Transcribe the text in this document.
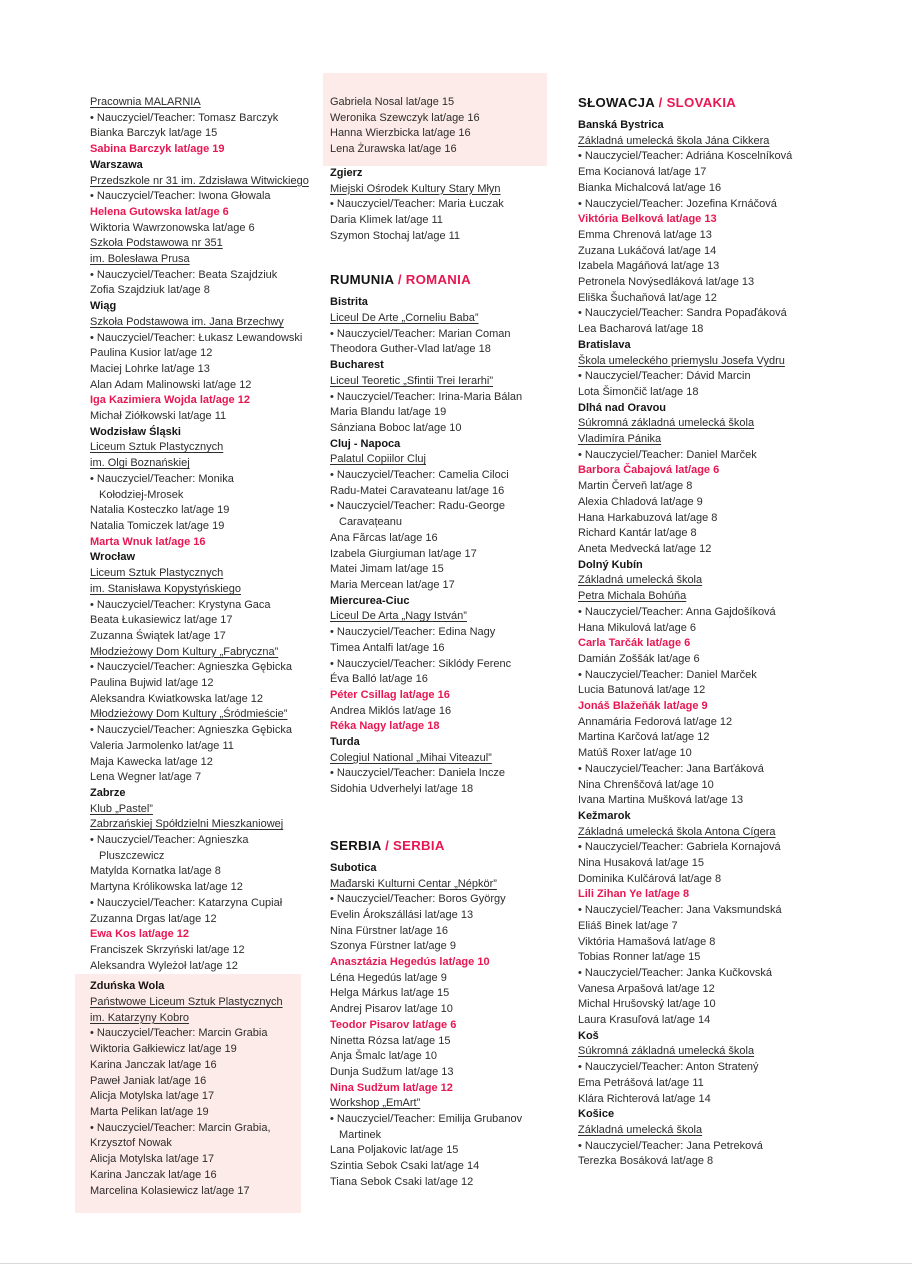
Pracownia MALARNIA
• Nauczyciel/Teacher: Tomasz Barczyk
Bianka Barczyk lat/age 15
Sabina Barczyk lat/age 19
Warszawa
Przedszkole nr 31 im. Zdzisława Witwickiego
• Nauczyciel/Teacher: Iwona Głowala
Helena Gutowska lat/age 6
Wiktoria Wawrzonowska lat/age 6
Szkoła Podstawowa nr 351
im. Bolesława Prusa
• Nauczyciel/Teacher: Beata Szajdziuk
Zofia Szajdziuk lat/age 8
Wiąg
Szkoła Podstawowa im. Jana Brzechwy
• Nauczyciel/Teacher: Łukasz Lewandowski
Paulina Kusior lat/age 12
Maciej Lohrke lat/age 13
Alan Adam Malinowski lat/age 12
Iga Kazimiera Wojda lat/age 12
Michał Ziółkowski lat/age 11
Wodzisław Śląski
Liceum Sztuk Plastycznych
im. Olgi Boznańskiej
• Nauczyciel/Teacher: Monika
Kołodziej-Mrosek
Natalia Kosteczko lat/age 19
Natalia Tomiczek lat/age 19
Marta Wnuk lat/age 16
Wrocław
Liceum Sztuk Plastycznych
im. Stanisława Kopystyńskiego
• Nauczyciel/Teacher: Krystyna Gaca
Beata Łukasiewicz lat/age 17
Zuzanna Świątek lat/age 17
Młodzieżowy Dom Kultury „Fabryczna”
• Nauczyciel/Teacher: Agnieszka Gębicka
Paulina Bujwid lat/age 12
Aleksandra Kwiatkowska lat/age 12
Młodzieżowy Dom Kultury „Śródmieście”
• Nauczyciel/Teacher: Agnieszka Gębicka
Valeria Jarmolenko lat/age 11
Maja Kawecka lat/age 12
Lena Wegner lat/age 7
Zabrze
Klub „Pastel”
Zabrzańskiej Spółdzielni Mieszkaniowej
• Nauczyciel/Teacher: Agnieszka
Pluszczewicz
Matylda Kornatka lat/age 8
Martyna Królikowska lat/age 12
• Nauczyciel/Teacher: Katarzyna Cupiał
Zuzanna Drgas lat/age 12
Ewa Kos lat/age 12
Franciszek Skrzyński lat/age 12
Aleksandra Wyleżoł lat/age 12
Zduńska Wola
Państwowe Liceum Sztuk Plastycznych
im. Katarzyny Kobro
• Nauczyciel/Teacher: Marcin Grabia
Wiktoria Gałkiewicz lat/age 19
Karina Janczak lat/age 16
Paweł Janiak lat/age 16
Alicja Motylska lat/age 17
Marta Pelikan lat/age 19
• Nauczyciel/Teacher: Marcin Grabia,
Krzysztof Nowak
Alicja Motylska lat/age 17
Karina Janczak lat/age 16
Marcelina Kolasiewicz lat/age 17
Gabriela Nosal lat/age 15
Weronika Szewczyk lat/age 16
Hanna Wierzbicka lat/age 16
Lena Żurawska lat/age 16
Zgierz
Miejski Ośrodek Kultury Stary Młyn
• Nauczyciel/Teacher: Maria Łuczak
Daria Klimek lat/age 11
Szymon Stochaj lat/age 11
RUMUNIA / ROMANIA
Bistrita
Liceul De Arte „Corneliu Baba”
• Nauczyciel/Teacher: Marian Coman
Theodora Guther-Vlad lat/age 18
Bucharest
Liceul Teoretic „Sfintii Trei Ierarhi”
• Nauczyciel/Teacher: Irina-Maria Bálan
Maria Blandu lat/age 19
Sánziana Boboc lat/age 10
Cluj - Napoca
Palatul Copiilor Cluj
• Nauczyciel/Teacher: Camelia Ciloci
Radu-Matei Caravateanu lat/age 16
• Nauczyciel/Teacher: Radu-George
Caravațeanu
Ana Fărcas lat/age 16
Izabela Giurgiuman lat/age 17
Matei Jimam lat/age 15
Maria Mercean lat/age 17
Miercurea-Ciuc
Liceul De Arta „Nagy István”
• Nauczyciel/Teacher: Edina Nagy
Timea Antalfi lat/age 16
• Nauczyciel/Teacher: Siklódy Ferenc
Éva Balló lat/age 16
Péter Csillag lat/age 16
Andrea Miklós lat/age 16
Réka Nagy lat/age 18
Turda
Colegiul National „Mihai Viteazul”
• Nauczyciel/Teacher: Daniela Incze
Sidohia Udverhelyi lat/age 18
SERBIA / SERBIA
Subotica
Mađarski Kulturni Centar „Népkör”
• Nauczyciel/Teacher: Boros György
Evelin Árokszállási lat/age 13
Nina Fürstner lat/age 16
Szonya Fürstner lat/age 9
Anasztázia Hegedús lat/age 10
Léna Hegedús lat/age 9
Helga Márkus lat/age 15
Andrej Pisarov lat/age 10
Teodor Pisarov lat/age 6
Ninetta Rózsa lat/age 15
Anja Šmalc lat/age 10
Dunja Sudžum lat/age 13
Nina Sudžum lat/age 12
Workshop „EmArt”
• Nauczyciel/Teacher: Emilija Grubanov
Martinek
Lana Poljakovic lat/age 15
Szintia Sebok Csaki lat/age 14
Tiana Sebok Csaki lat/age 12
SŁOWACJA / SLOVAKIA
Banská Bystrica
Základná umelecká škola Jána Cikkera
• Nauczyciel/Teacher: Adriána Koscelníková
Ema Kocianová lat/age 17
Bianka Michalcová lat/age 16
• Nauczyciel/Teacher: Jozefina Krnáčová
Viktória Belková lat/age 13
Emma Chrenová lat/age 13
Zuzana Lukáčová lat/age 14
Izabela Magáňová lat/age 13
Petronela Novýsedláková lat/age 13
Eliška Šuchaňová lat/age 12
• Nauczyciel/Teacher: Sandra Popaďáková
Lea Bacharová lat/age 18
Bratislava
Škola umeleckého priemyslu Josefa Vydru
• Nauczyciel/Teacher: Dávid Marcin
Lota Šimončič lat/age 18
Dlhá nad Oravou
Súkromná základná umelecká škola
Vladimíra Pánika
• Nauczyciel/Teacher: Daniel Marček
Barbora Čabajová lat/age 6
Martin Červeň lat/age 8
Alexia Chladová lat/age 9
Hana Harkabuzová lat/age 8
Richard Kantár lat/age 8
Aneta Medvecká lat/age 12
Dolný Kubín
Základná umelecká škola
Petra Michala Bohúňa
• Nauczyciel/Teacher: Anna Gajdošíková
Hana Mikulová lat/age 6
Carla Tarčák lat/age 6
Damián Zoššák lat/age 6
• Nauczyciel/Teacher: Daniel Marček
Lucia Batunová lat/age 12
Jonáš Blažeňák lat/age 9
Annamária Fedorová lat/age 12
Martina Karčová lat/age 12
Matúš Roxer lat/age 10
• Nauczyciel/Teacher: Jana Barťáková
Nina Chrenščová lat/age 10
Ivana Martina Mušková lat/age 13
Kežmarok
Základná umelecká škola Antona Cígera
• Nauczyciel/Teacher: Gabriela Kornajová
Nina Husaková lat/age 15
Dominika Kulčárová lat/age 8
Lili Zihan Ye lat/age 8
• Nauczyciel/Teacher: Jana Vaksmundská
Eliáš Binek lat/age 7
Viktória Hamašová lat/age 8
Tobias Ronner lat/age 15
• Nauczyciel/Teacher: Janka Kučkovská
Vanesa Arpašová lat/age 12
Michal Hrušovský lat/age 10
Laura Krasuľová lat/age 14
Koš
Súkromná základná umelecká škola
• Nauczyciel/Teacher: Anton Stratený
Ema Petrášová lat/age 11
Klára Richterová lat/age 14
Košice
Základná umelecká škola
• Nauczyciel/Teacher: Jana Petreková
Terezka Bosáková lat/age 8
